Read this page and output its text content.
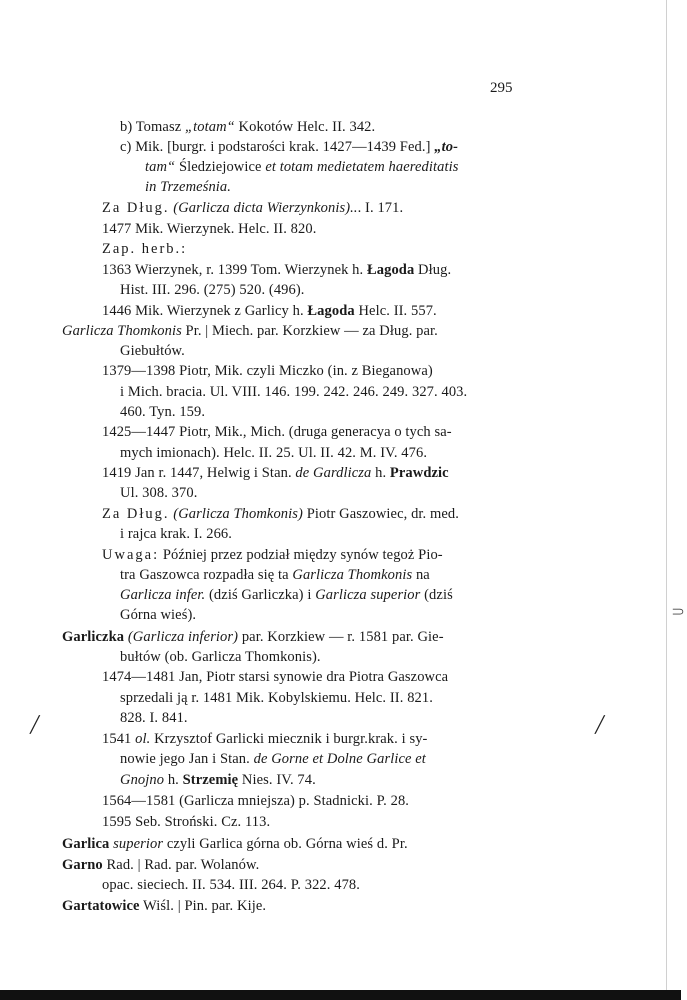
295
b) Tomasz „totam“ Kokotów Helc. II. 342.
c) Mik. [burgr. i podstarości krak. 1427—1439 Fed.] „to-
tam“ Śledziejowice et totam medietatem haereditatis
in Trzemeśnia.
Za Dług. (Garlicza dicta Wierzynkonis)... I. 171.
1477 Mik. Wierzynek. Helc. II. 820.
Zap. herb.:
1363 Wierzynek, r. 1399 Tom. Wierzynek h. Łagoda Dług.
Hist. III. 296. (275) 520. (496).
1446 Mik. Wierzynek z Garlicy h. Łagoda Helc. II. 557.
Garlicza Thomkonis Pr. | Miech. par. Korzkiew — za Dług. par.
Giebułtów.
1379—1398 Piotr, Mik. czyli Miczko (in. z Bieganowa)
i Mich. bracia. Ul. VIII. 146. 199. 242. 246. 249. 327. 403.
460. Tyn. 159.
1425—1447 Piotr, Mik., Mich. (druga generacya o tych sa-
mych imionach). Helc. II. 25. Ul. II. 42. M. IV. 476.
1419 Jan r. 1447, Helwig i Stan. de Gardlicza h. Prawdzic
Ul. 308. 370.
Za Dług. (Garlicza Thomkonis) Piotr Gaszowiec, dr. med.
i rajca krak. I. 266.
Uwaga: Później przez podział między synów tegoż Pio-
tra Gaszowca rozpadła się ta Garlicza Thomkonis na
Garlicza infer. (dziś Garliczka) i Garlicza superior (dziś
Górna wieś).
Garliczka (Garlicza inferior) par. Korzkiew — r. 1581 par. Gie-
bułtów (ob. Garlicza Thomkonis).
1474—1481 Jan, Piotr starsi synowie dra Piotra Gaszowca
sprzedali ją r. 1481 Mik. Kobylskiemu. Helc. II. 821.
828. I. 841.
1541 ol. Krzysztof Garlicki miecznik i burgr.krak. i sy-
nowie jego Jan i Stan. de Gorne et Dolne Garlice et
Gnojno h. Strzemię Nies. IV. 74.
1564—1581 (Garlicza mniejsza) p. Stadnicki. P. 28.
1595 Seb. Stroński. Cz. 113.
Garlica superior czyli Garlica górna ob. Górna wieś d. Pr.
Garno Rad. | Rad. par. Wolanów.
opac. sieciech. II. 534. III. 264. P. 322. 478.
Gartatowice Wiśl. | Pin. par. Kije.
⸧
╱	╱
